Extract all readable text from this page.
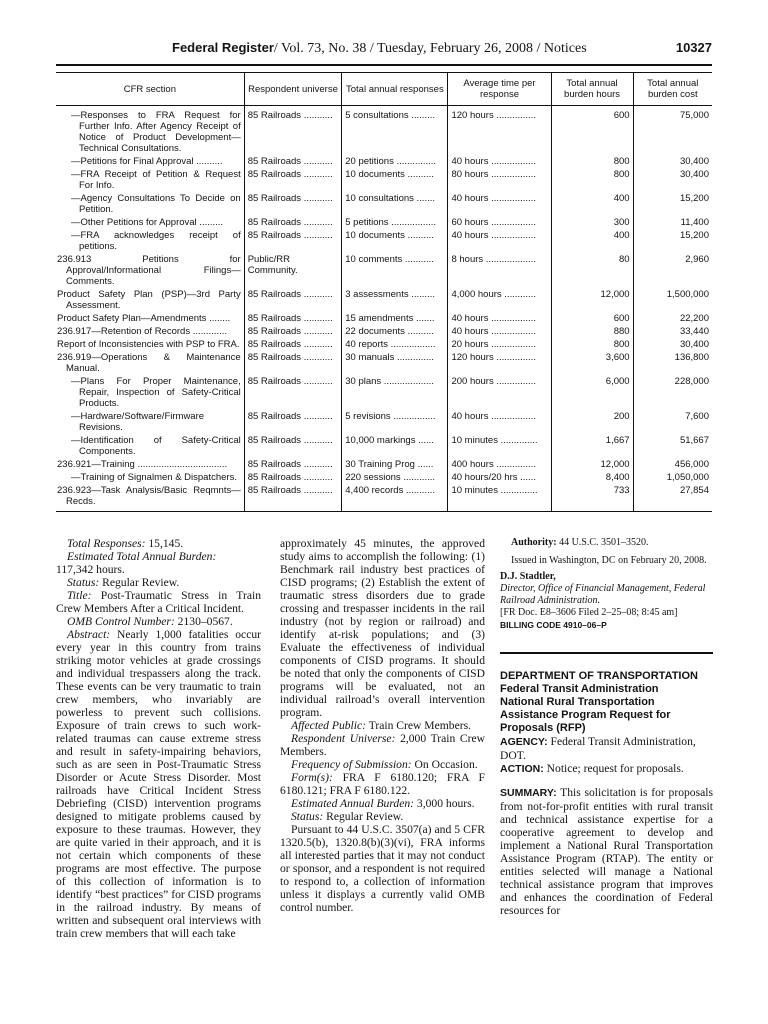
Federal Register/ Vol. 73, No. 38 / Tuesday, February 26, 2008 / Notices	10327
CFR section	Respondent universe	Total annual responses	Average time per response	Total annual burden hours	Total annual burden cost

—Responses to FRA Request for Further Info. After Agency Receipt of Notice of Product Development—Technical Consultations.	85 Railroads ...........	5 consultations .........	120 hours ...............	600	75,000

—Petitions for Final Approval ..........	85 Railroads ...........	20 petitions ...............	40 hours .................	800	30,400

—FRA Receipt of Petition & Request For Info.	85 Railroads ...........	10 documents ..........	80 hours .................	800	30,400

—Agency Consultations To Decide on Petition.	85 Railroads ...........	10 consultations .......	40 hours .................	400	15,200

—Other Petitions for Approval .........	85 Railroads ...........	5 petitions .................	60 hours .................	300	11,400

—FRA acknowledges receipt of petitions.	85 Railroads ...........	10 documents ..........	40 hours .................	400	15,200

236.913 Petitions for Approval/Informational Filings—Comments.	Public/RR Community.	10 comments ...........	8 hours ...................	80	2,960

Product Safety Plan (PSP)—3rd Party Assessment.	85 Railroads ...........	3 assessments .........	4,000 hours ............	12,000	1,500,000

Product Safety Plan—Amendments ........	85 Railroads ...........	15 amendments .......	40 hours .................	600	22,200

236.917—Retention of Records .............	85 Railroads ...........	22 documents ..........	40 hours .................	880	33,440

Report of Inconsistencies with PSP to FRA.	85 Railroads ...........	40 reports .................	20 hours .................	800	30,400

236.919—Operations & Maintenance Manual.	85 Railroads ...........	30 manuals ..............	120 hours ...............	3,600	136,800

—Plans For Proper Maintenance, Repair, Inspection of Safety-Critical Products.	85 Railroads ...........	30 plans ...................	200 hours ...............	6,000	228,000

—Hardware/Software/Firmware Revisions.	85 Railroads ...........	5 revisions ................	40 hours .................	200	7,600

—Identification of Safety-Critical Components.	85 Railroads ...........	10,000 markings ......	10 minutes ..............	1,667	51,667

236.921—Training ..................................	85 Railroads ...........	30 Training Prog ......	400 hours ...............	12,000	456,000

—Training of Signalmen & Dispatchers.	85 Railroads ...........	220 sessions ............	40 hours/20 hrs ......	8,400	1,050,000

236.923—Task Analysis/Basic Reqmnts—Recds.	85 Railroads ...........	4,400 records ...........	10 minutes ..............	733	27,854

Total Responses: 15,145.

Estimated Total Annual Burden:

117,342 hours.

Status: Regular Review.

Title: Post-Traumatic Stress in Train Crew Members After a Critical Incident.

OMB Control Number: 2130–0567.

Abstract: Nearly 1,000 fatalities occur every year in this country from trains striking motor vehicles at grade crossings and individual trespassers along the track. These events can be very traumatic to train crew members, who invariably are powerless to prevent such collisions. Exposure of train crews to such work-related traumas can cause extreme stress and result in safety-impairing behaviors, such as are seen in Post-Traumatic Stress Disorder or Acute Stress Disorder. Most railroads have Critical Incident Stress Debriefing (CISD) intervention programs designed to mitigate problems caused by exposure to these traumas. However, they are quite varied in their approach, and it is not certain which components of these programs are most effective. The purpose of this collection of information is to identify “best practices” for CISD programs in the railroad industry. By means of written and subsequent oral interviews with train crew members that will each take

approximately 45 minutes, the approved study aims to accomplish the following: (1) Benchmark rail industry best practices of CISD programs; (2) Establish the extent of traumatic stress disorders due to grade crossing and trespasser incidents in the rail industry (not by region or railroad) and identify at-risk populations; and (3) Evaluate the effectiveness of individual components of CISD programs. It should be noted that only the components of CISD programs will be evaluated, not an individual railroad’s overall intervention program.

Affected Public: Train Crew Members.

Respondent Universe: 2,000 Train Crew Members.

Frequency of Submission: On Occasion.

Form(s): FRA F 6180.120; FRA F 6180.121; FRA F 6180.122.

Estimated Annual Burden: 3,000 hours.

Status: Regular Review.

Pursuant to 44 U.S.C. 3507(a) and 5 CFR 1320.5(b), 1320.8(b)(3)(vi), FRA informs all interested parties that it may not conduct or sponsor, and a respondent is not required to respond to, a collection of information unless it displays a currently valid OMB control number.

Authority: 44 U.S.C. 3501–3520.

Issued in Washington, DC on February 20, 2008.

D.J. Stadtler,

Director, Office of Financial Management, Federal Railroad Administration.

[FR Doc. E8–3606 Filed 2–25–08; 8:45 am]

BILLING CODE 4910–06–P

DEPARTMENT OF TRANSPORTATION

Federal Transit Administration

National Rural Transportation Assistance Program Request for Proposals (RFP)

AGENCY: Federal Transit Administration, DOT.

ACTION: Notice; request for proposals.

SUMMARY: This solicitation is for proposals from not-for-profit entities with rural transit and technical assistance expertise for a cooperative agreement to develop and implement a National Rural Transportation Assistance Program (RTAP). The entity or entities selected will manage a National technical assistance program that improves and enhances the coordination of Federal resources for
